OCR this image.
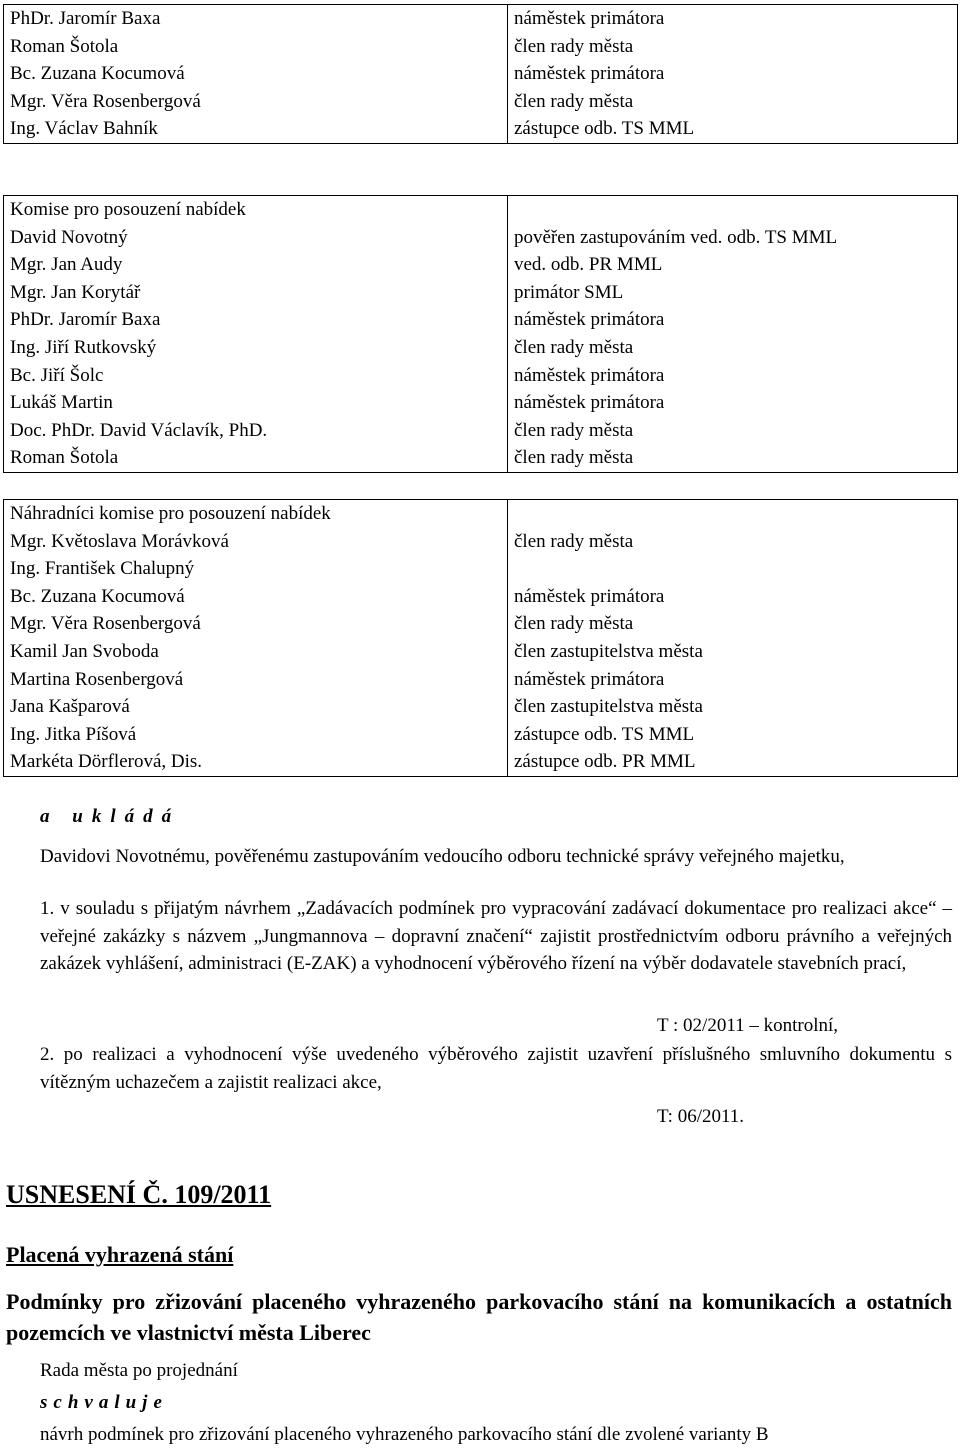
PhDr. Jaromír Baxa	náměstek primátora
Roman Šotola	člen rady města
Bc. Zuzana Kocumová	náměstek primátora
Mgr. Věra Rosenbergová	člen rady města
Ing. Václav Bahník	zástupce odb. TS MML
Komise pro posouzení nabídek	
David Novotný	pověřen zastupováním ved. odb. TS MML
Mgr. Jan Audy	ved. odb. PR MML
Mgr. Jan Korytář	primátor SML
PhDr. Jaromír Baxa	náměstek primátora
Ing. Jiří Rutkovský	člen rady města
Bc. Jiří Šolc	náměstek primátora
Lukáš Martin	náměstek primátora
Doc. PhDr. David Václavík, PhD.	člen rady města
Roman Šotola	člen rady města
Náhradníci komise pro posouzení nabídek	
Mgr. Květoslava Morávková	člen rady města
Ing. František Chalupný	
Bc. Zuzana Kocumová	náměstek primátora
Mgr. Věra Rosenbergová	člen rady města
Kamil Jan Svoboda	člen zastupitelstva města
Martina Rosenbergová	náměstek primátora
Jana Kašparová	člen zastupitelstva města
Ing. Jitka Píšová	zástupce odb. TS MML
Markéta Dörflerová, Dis.	zástupce odb. PR MML
a ukládá
Davidovi Novotnému, pověřenému zastupováním vedoucího odboru technické správy veřejného majetku,
1. v souladu s přijatým návrhem „Zadávacích podmínek pro vypracování zadávací dokumentace pro realizaci akce“ – veřejné zakázky s názvem „Jungmannova – dopravní značení“ zajistit prostřednictvím odboru právního a veřejných zakázek vyhlášení, administraci (E-ZAK) a vyhodnocení výběrového řízení na výběr dodavatele stavebních prací,
T : 02/2011 – kontrolní,
2. po realizaci a vyhodnocení výše uvedeného výběrového zajistit uzavření příslušného smluvního dokumentu s vítězným uchazečem a zajistit realizaci akce,
T: 06/2011.
USNESENÍ Č. 109/2011
Placená vyhrazená stání
Podmínky pro zřizování placeného vyhrazeného parkovacího stání na komunikacích a ostatních pozemcích ve vlastnictví města Liberec
Rada města po projednání
schvaluje
návrh podmínek pro zřizování placeného vyhrazeného parkovacího stání dle zvolené varianty B
